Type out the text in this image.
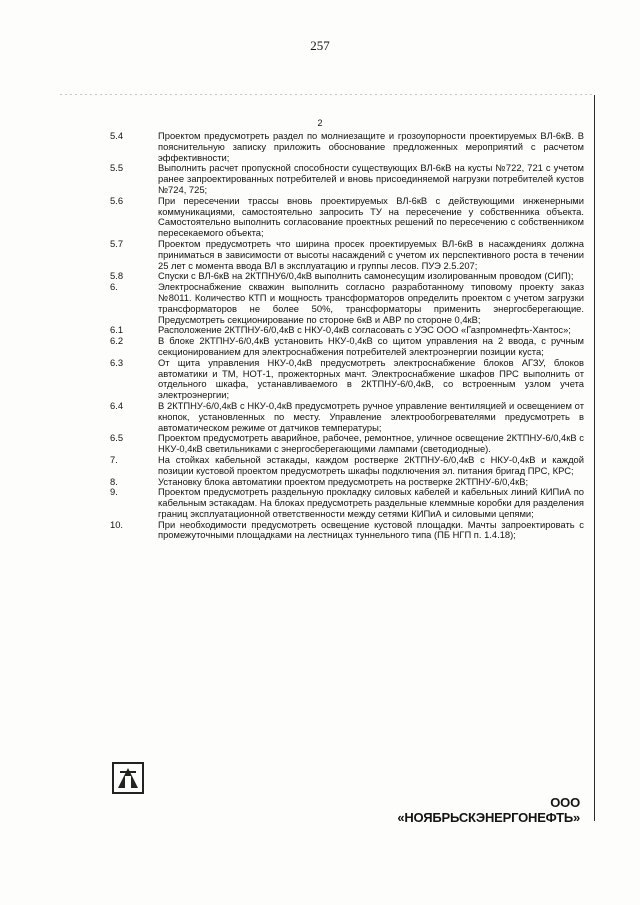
257
2
5.4	Проектом предусмотреть раздел по молниезащите и грозоупорности проектируемых ВЛ-6кВ. В пояснительную записку приложить обоснование предложенных мероприятий с расчетом эффективности;
5.5	Выполнить расчет пропускной способности существующих ВЛ-6кВ на кусты №722, 721 с учетом ранее запроектированных потребителей и вновь присоединяемой нагрузки потребителей кустов №724, 725;
5.6	При пересечении трассы вновь проектируемых ВЛ-6кВ с действующими инженерными коммуникациями, самостоятельно запросить ТУ на пересечение у собственника объекта. Самостоятельно выполнить согласование проектных решений по пересечению с собственником пересекаемого объекта;
5.7	Проектом предусмотреть что ширина просек проектируемых ВЛ-6кВ в насаждениях должна приниматься в зависимости от высоты насаждений с учетом их перспективного роста в течении 25 лет с момента ввода ВЛ в эксплуатацию и группы лесов. ПУЭ 2.5.207;
5.8	Спуски с ВЛ-6кВ на 2КТПНУ6/0,4кВ выполнить самонесущим изолированным проводом (СИП);
6.	Электроснабжение скважин выполнить согласно разработанному типовому проекту заказ №8011. Количество КТП и мощность трансформаторов определить проектом с учетом загрузки трансформаторов не более 50%, трансформаторы применить энергосберегающие. Предусмотреть секционирование по стороне 6кВ и АВР по стороне 0,4кВ;
6.1	Расположение 2КТПНУ-6/0,4кВ с НКУ-0,4кВ согласовать с УЭС ООО «Газпромнефть-Хантос»;
6.2	В блоке 2КТПНУ-6/0,4кВ установить НКУ-0,4кВ со щитом управления на 2 ввода, с ручным секционированием для электроснабжения потребителей электроэнергии позиции куста;
6.3	От щита управления НКУ-0,4кВ предусмотреть электроснабжение блоков АГЗУ, блоков автоматики и ТМ, НОТ-1, прожекторных мачт. Электроснабжение шкафов ПРС выполнить от отдельного шкафа, устанавливаемого в 2КТПНУ-6/0,4кВ, со встроенным узлом учета электроэнергии;
6.4	В 2КТПНУ-6/0,4кВ с НКУ-0,4кВ предусмотреть ручное управление вентиляцией и освещением от кнопок, установленных по месту. Управление электрообогревателями предусмотреть в автоматическом режиме от датчиков температуры;
6.5	Проектом предусмотреть аварийное, рабочее, ремонтное, уличное освещение 2КТПНУ-6/0,4кВ с НКУ-0,4кВ светильниками с энергосберегающими лампами (светодиодные).
7.	На стойках кабельной эстакады, каждом ростверке 2КТПНУ-6/0,4кВ с НКУ-0,4кВ и каждой позиции кустовой проектом предусмотреть шкафы подключения эл. питания бригад ПРС, КРС;
8.	Установку блока автоматики проектом предусмотреть на ростверке 2КТПНУ-6/0,4кВ;
9.	Проектом предусмотреть раздельную прокладку силовых кабелей и кабельных линий КИПиА по кабельным эстакадам. На блоках предусмотреть раздельные клеммные коробки для разделения границ эксплуатационной ответственности между сетями КИПиА и силовыми цепями;
10.	При необходимости предусмотреть освещение кустовой площадки. Мачты запроектировать с промежуточными площадками на лестницах туннельного типа (ПБ НГП п. 1.4.18);
ООО «НОЯБРЬСКЭНЕРГОНЕФТЬ»
